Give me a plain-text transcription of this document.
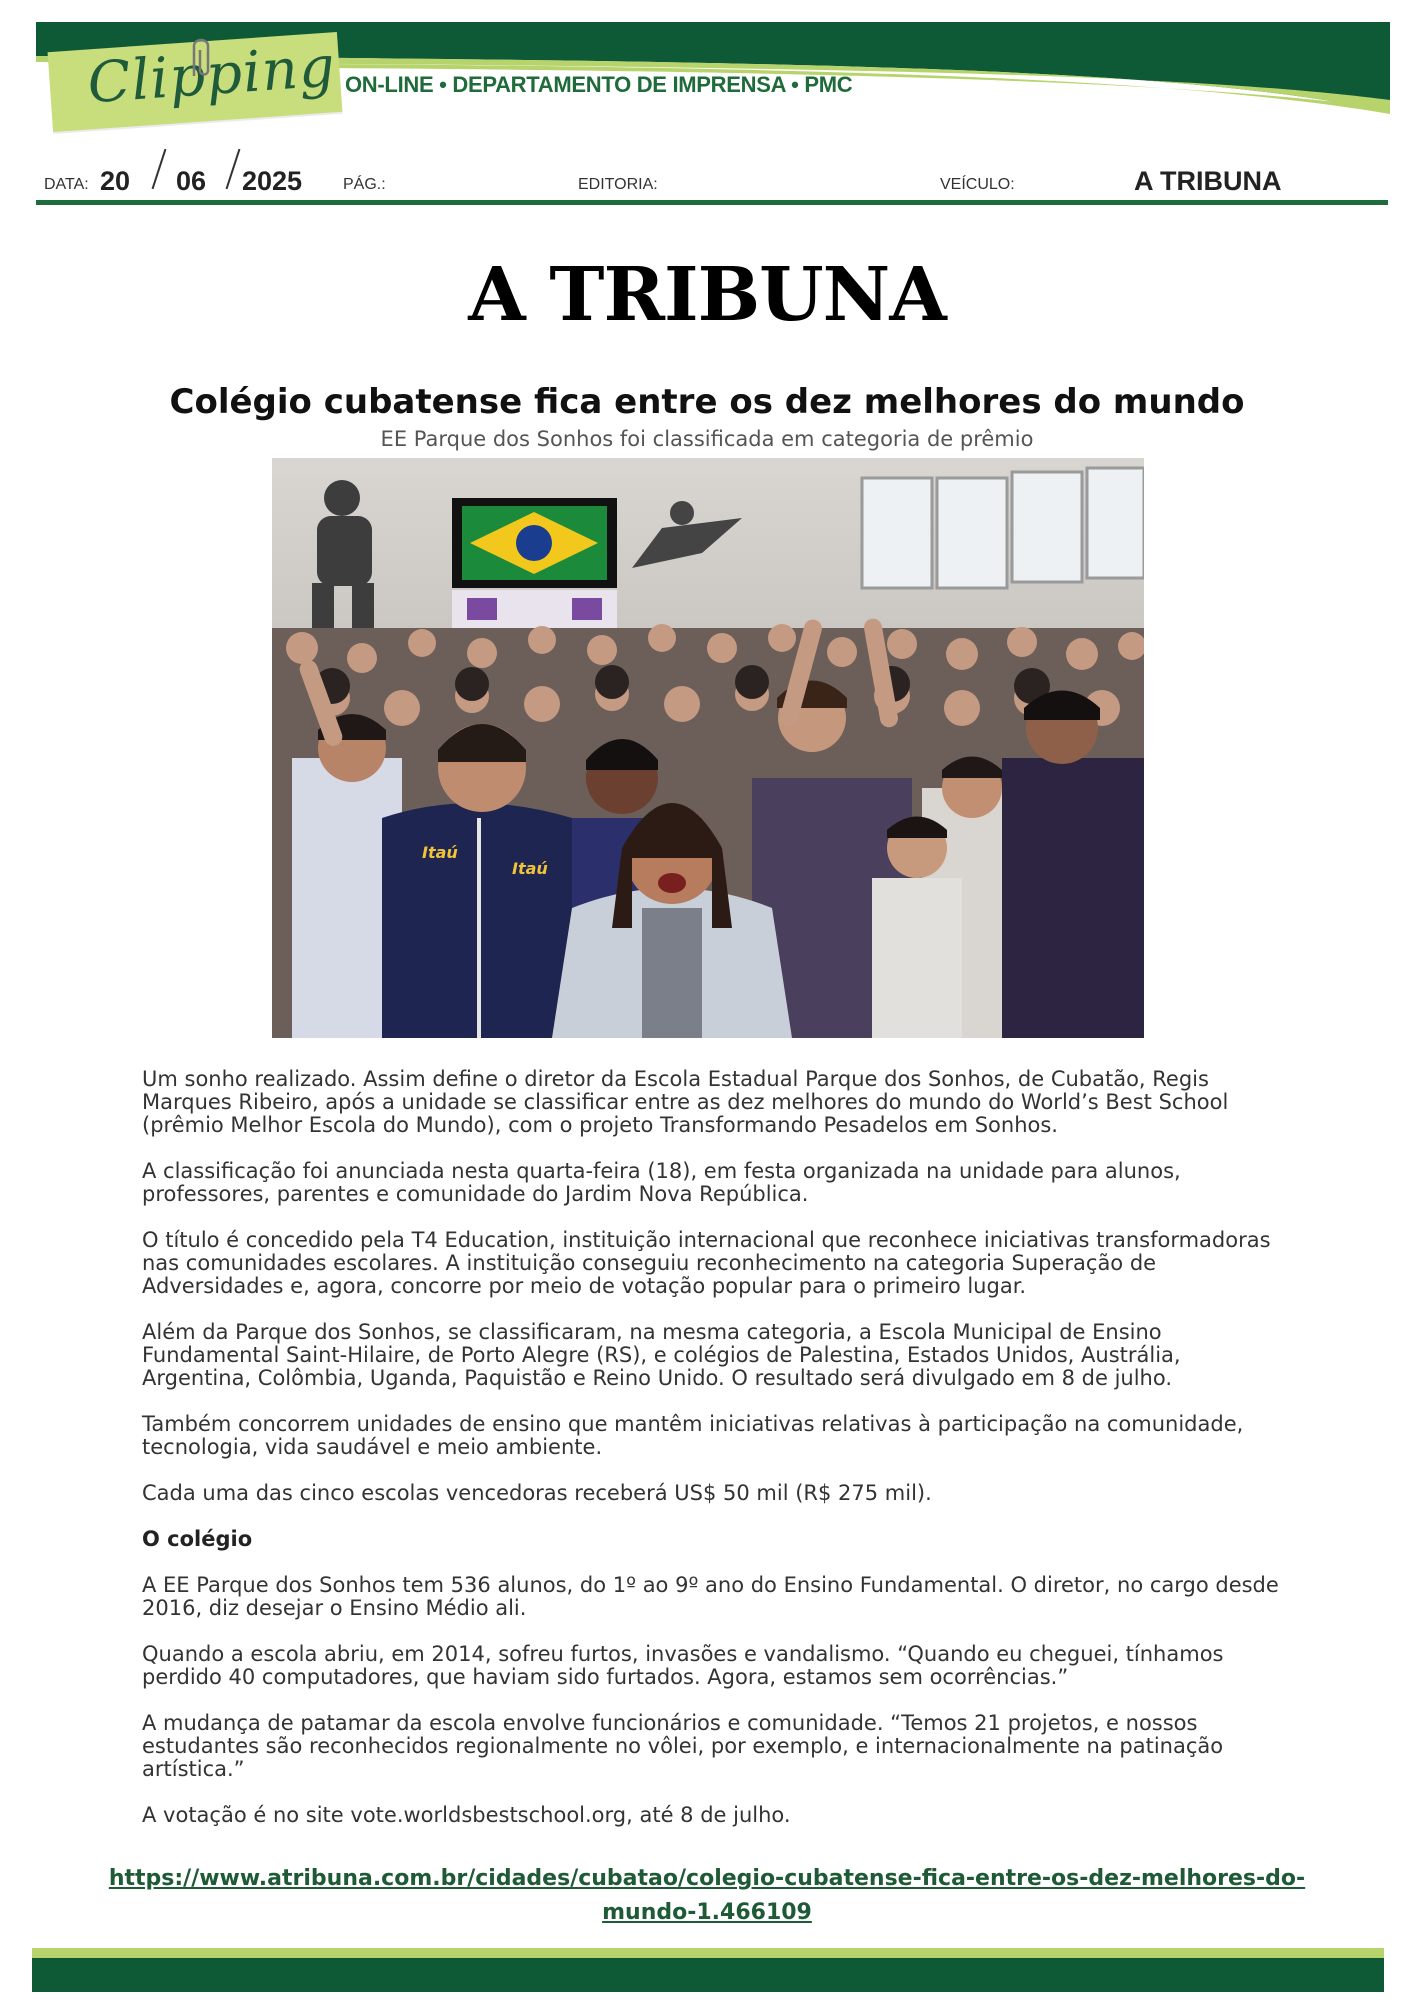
Clipping ON-LINE • DEPARTAMENTO DE IMPRENSA • PMC
DATA: 20 06 2025	PÁG.:	EDITORIA:	VEÍCULO:	A TRIBUNA
A TRIBUNA
Colégio cubatense fica entre os dez melhores do mundo
EE Parque dos Sonhos foi classificada em categoria de prêmio
Itaú
Itaú

Um sonho realizado. Assim define o diretor da Escola Estadual Parque dos Sonhos, de Cubatão, Regis Marques Ribeiro, após a unidade se classificar entre as dez melhores do mundo do World’s Best School (prêmio Melhor Escola do Mundo), com o projeto Transformando Pesadelos em Sonhos.

A classificação foi anunciada nesta quarta-feira (18), em festa organizada na unidade para alunos, professores, parentes e comunidade do Jardim Nova República.

O título é concedido pela T4 Education, instituição internacional que reconhece iniciativas transformadoras nas comunidades escolares. A instituição conseguiu reconhecimento na categoria Superação de Adversidades e, agora, concorre por meio de votação popular para o primeiro lugar.

Além da Parque dos Sonhos, se classificaram, na mesma categoria, a Escola Municipal de Ensino Fundamental Saint-Hilaire, de Porto Alegre (RS), e colégios de Palestina, Estados Unidos, Austrália, Argentina, Colômbia, Uganda, Paquistão e Reino Unido. O resultado será divulgado em 8 de julho.

Também concorrem unidades de ensino que mantêm iniciativas relativas à participação na comunidade, tecnologia, vida saudável e meio ambiente.

Cada uma das cinco escolas vencedoras receberá US$ 50 mil (R$ 275 mil).

O colégio

A EE Parque dos Sonhos tem 536 alunos, do 1º ao 9º ano do Ensino Fundamental. O diretor, no cargo desde 2016, diz desejar o Ensino Médio ali.

Quando a escola abriu, em 2014, sofreu furtos, invasões e vandalismo. “Quando eu cheguei, tínhamos perdido 40 computadores, que haviam sido furtados. Agora, estamos sem ocorrências.”

A mudança de patamar da escola envolve funcionários e comunidade. “Temos 21 projetos, e nossos estudantes são reconhecidos regionalmente no vôlei, por exemplo, e internacionalmente na patinação artística.”

A votação é no site vote.worldsbestschool.org, até 8 de julho.

https://www.atribuna.com.br/cidades/cubatao/colegio-cubatense-fica-entre-os-dez-melhores-do-mundo-1.466109
